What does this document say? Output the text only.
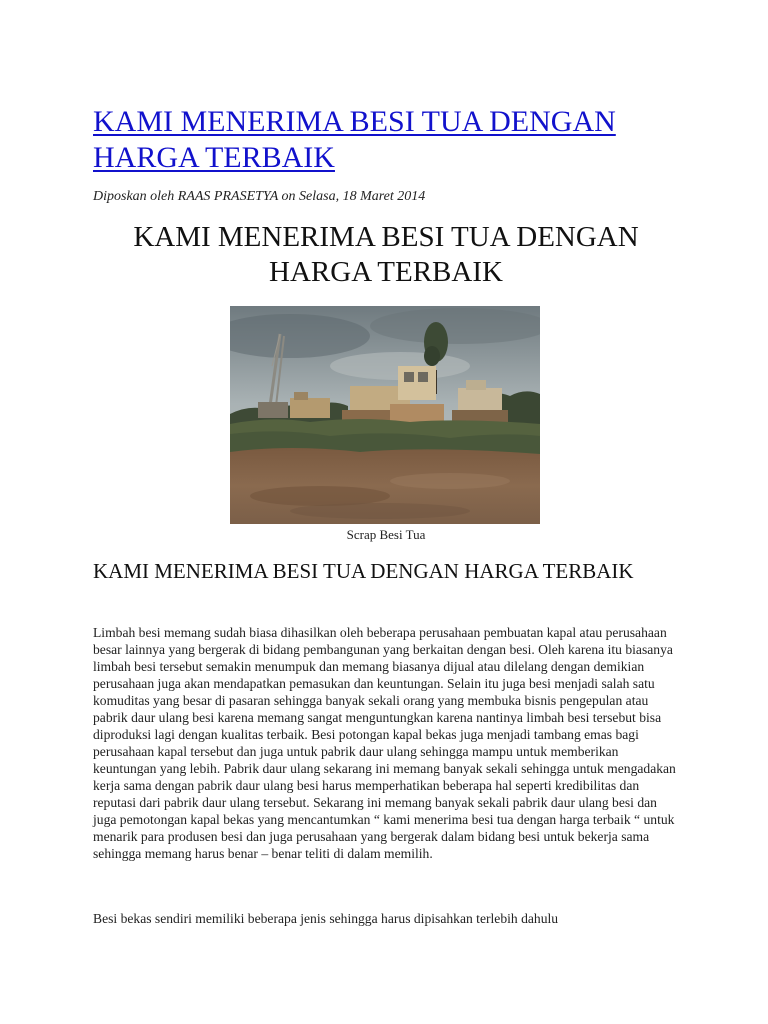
KAMI MENERIMA BESI TUA DENGAN HARGA TERBAIK
Diposkan oleh RAAS PRASETYA on Selasa, 18 Maret 2014
KAMI MENERIMA BESI TUA DENGAN HARGA TERBAIK
Scrap Besi Tua
KAMI MENERIMA BESI TUA DENGAN HARGA TERBAIK

Limbah besi memang sudah biasa dihasilkan oleh beberapa perusahaan pembuatan kapal atau perusahaan besar lainnya yang bergerak di bidang pembangunan yang berkaitan dengan besi. Oleh karena itu biasanya limbah besi tersebut semakin menumpuk dan memang biasanya dijual atau dilelang dengan demikian perusahaan juga akan mendapatkan pemasukan dan keuntungan. Selain itu juga besi menjadi salah satu komuditas yang besar di pasaran sehingga banyak sekali orang yang membuka bisnis pengepulan atau pabrik daur ulang besi karena memang sangat menguntungkan karena nantinya limbah besi tersebut bisa diproduksi lagi dengan kualitas terbaik. Besi potongan kapal bekas juga menjadi tambang emas bagi perusahaan kapal tersebut dan juga untuk pabrik daur ulang sehingga mampu untuk memberikan keuntungan yang lebih. Pabrik daur ulang sekarang ini memang banyak sekali sehingga untuk mengadakan kerja sama dengan pabrik daur ulang besi harus memperhatikan beberapa hal seperti kredibilitas dan reputasi dari pabrik daur ulang tersebut. Sekarang ini memang banyak sekali pabrik daur ulang besi dan juga pemotongan kapal bekas yang mencantumkan “ kami menerima besi tua dengan harga terbaik “ untuk menarik para produsen besi dan juga perusahaan yang bergerak dalam bidang besi untuk bekerja sama sehingga memang harus benar – benar teliti di dalam memilih.

Besi bekas sendiri memiliki beberapa jenis sehingga harus dipisahkan terlebih dahulu
